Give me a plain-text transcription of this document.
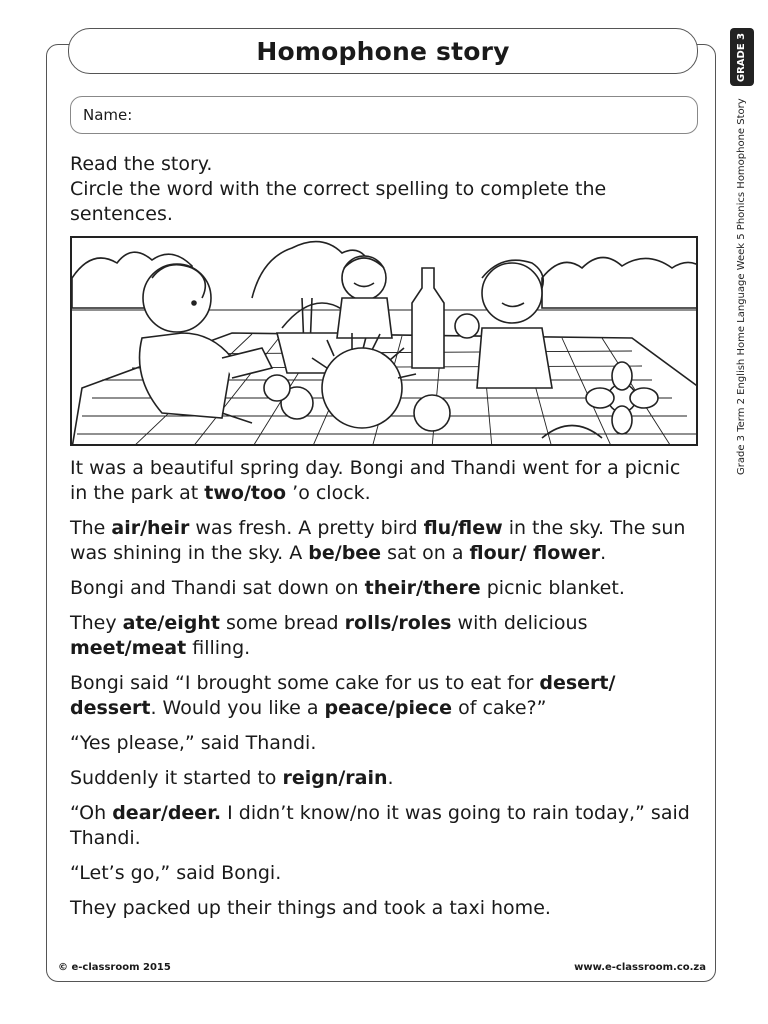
Homophone story	GRADE 3
Grade 3 Term 2 English Home Language Week 5 Phonics Homophone Story
Name:
Read the story.
Circle the word with the correct spelling to complete the sentences.

It was a beautiful spring day. Bongi and Thandi went for a picnic in the park at two/too ’o clock.

The air/heir was fresh. A pretty bird flu/flew in the sky. The sun was shining in the sky. A be/bee sat on a flour/ flower.

Bongi and Thandi sat down on their/there picnic blanket.

They ate/eight some bread rolls/roles with delicious meet/meat filling.

Bongi said “I brought some cake for us to eat for desert/ dessert. Would you like a peace/piece of cake?”

“Yes please,” said Thandi.

Suddenly it started to reign/rain.

“Oh dear/deer. I didn’t know/no it was going to rain today,” said Thandi.

“Let’s go,” said Bongi.

They packed up their things and took a taxi home.

© e-classroom 2015	www.e-classroom.co.za
